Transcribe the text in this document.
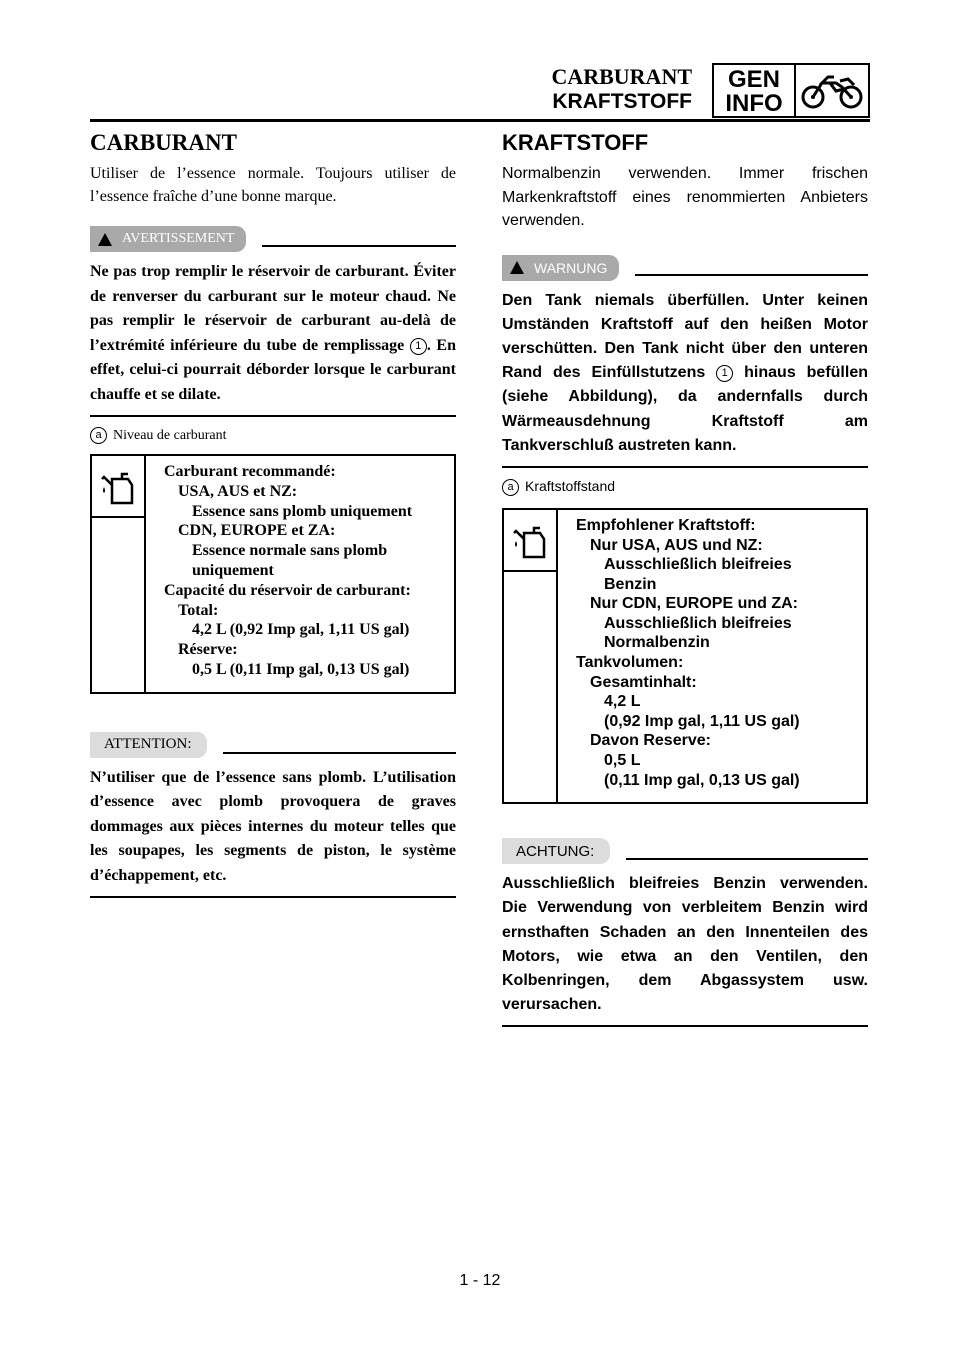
CARBURANT
KRAFTSTOFF
GEN
INFO
CARBURANT

Utiliser de l’essence normale. Toujours utiliser de l’essence fraîche d’une bonne marque.

AVERTISSEMENT

Ne pas trop remplir le réservoir de carburant. Éviter de renverser du carburant sur le moteur chaud. Ne pas remplir le réservoir de carburant au-delà de l’extrémité inférieure du tube de remplissage 1 . En effet, celui-ci pourrait déborder lorsque le carburant chauffe et se dilate.

a Niveau de carburant
Carburant recommandé:
USA, AUS et NZ:
Essence sans plomb uniquement
CDN, EUROPE et ZA:
Essence normale sans plomb
uniquement
Capacité du réservoir de carburant:
Total:
4,2 L (0,92 Imp gal, 1,11 US gal)
Réserve:
0,5 L (0,11 Imp gal, 0,13 US gal)
ATTENTION:

N’utiliser que de l’essence sans plomb. L’utilisation d’essence avec plomb provoquera de graves dommages aux pièces internes du moteur telles que les soupapes, les segments de piston, le système d’échappement, etc.

KRAFTSTOFF

Normalbenzin verwenden. Immer frischen Markenkraftstoff eines renommierten Anbieters verwenden.

WARNUNG

Den Tank niemals überfüllen. Unter keinen Umständen Kraftstoff auf den heißen Motor verschütten. Den Tank nicht über den unteren Rand des Einfüllstutzens 1 hinaus befüllen (siehe Abbildung), da andernfalls durch Wärmeausdehnung Kraftstoff am Tankverschluß austreten kann.

a Kraftstoffstand
Empfohlener Kraftstoff:
Nur USA, AUS und NZ:
Ausschließlich bleifreies
Benzin
Nur CDN, EUROPE und ZA:
Ausschließlich bleifreies
Normalbenzin
Tankvolumen:
Gesamtinhalt:
4,2 L
(0,92 Imp gal, 1,11 US gal)
Davon Reserve:
0,5 L
(0,11 Imp gal, 0,13 US gal)
ACHTUNG:

Ausschließlich bleifreies Benzin verwenden. Die Verwendung von verbleitem Benzin wird ernsthaften Schaden an den Innenteilen des Motors, wie etwa an den Ventilen, den Kolbenringen, dem Abgassystem usw. verursachen.

1 - 12
